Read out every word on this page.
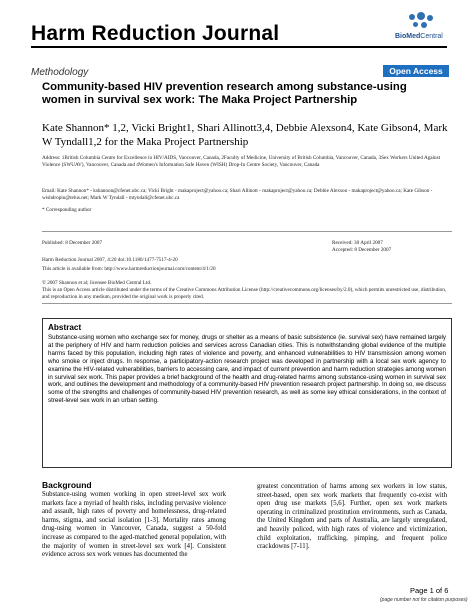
Harm Reduction Journal	BioMedCentral
Methodology	Open Access
Community-based HIV prevention research among substance-using women in survival sex work: The Maka Project Partnership
Kate Shannon* 1,2, Vicki Bright1, Shari Allinott3,4, Debbie Alexson4, Kate Gibson4, Mark W Tyndall1,2 for the Maka Project Partnership
Address: 1British Columbia Centre for Excellence in HIV/AIDS, Vancouver, Canada, 2Faculty of Medicine, University of British Columbia, Vancouver, Canada, 3Sex Workers United Against Violence (SWUAV), Vancouver, Canada and 4Women's Information Safe Haven (WISH) Drop-In Centre Society, Vancouver, Canada
Email: Kate Shannon* - kshannon@cfenet.ubc.ca; Vicki Bright - makaproject@yahoo.ca; Shari Allinott - makaproject@yahoo.ca; Debbie Alexson - makaproject@yahoo.ca; Kate Gibson - wishdropin@telus.net; Mark W Tyndall - mtyndall@cfenet.ubc.ca
* Corresponding author
Published: 8 December 2007	Received: 30 April 2007
Accepted: 8 December 2007
Harm Reduction Journal 2007, 4:20 doi:10.1186/1477-7517-4-20
This article is available from: http://www.harmreductionjournal.com/content/4/1/20
© 2007 Shannon et al; licensee BioMed Central Ltd.
This is an Open Access article distributed under the terms of the Creative Commons Attribution License (http://creativecommons.org/licenses/by/2.0), which permits unrestricted use, distribution, and reproduction in any medium, provided the original work is properly cited.
Abstract
Substance-using women who exchange sex for money, drugs or shelter as a means of basic subsistence (ie. survival sex) have remained largely at the periphery of HIV and harm reduction policies and services across Canadian cities. This is notwithstanding global evidence of the multiple harms faced by this population, including high rates of violence and poverty, and enhanced vulnerabilities to HIV transmission among women who smoke or inject drugs. In response, a participatory-action research project was developed in partnership with a local sex work agency to examine the HIV-related vulnerabilities, barriers to accessing care, and impact of current prevention and harm reduction strategies among women in survival sex work. This paper provides a brief background of the health and drug-related harms among substance-using women in survival sex work, and outlines the development and methodology of a community-based HIV prevention research project partnership. In doing so, we discuss some of the strengths and challenges of community-based HIV prevention research, as well as some key ethical considerations, in the context of street-level sex work in an urban setting.
Background
Substance-using women working in open street-level sex work markets face a myriad of health risks, including pervasive violence and assault, high rates of poverty and homelessness, drug-related harms, stigma, and social isolation [1-3]. Mortality rates among drug-using women in Vancouver, Canada, suggest a 50-fold increase as compared to the aged-matched general population, with the majority of women in street-level sex work [4]. Consistent evidence across sex work venues has documented the
greatest concentration of harms among sex workers in low status, street-based, open sex work markets that frequently co-exist with open drug use markets [5,6]. Further, open sex work markets operating in criminalized prostitution environments, such as Canada, the United Kingdom and parts of Australia, are largely unregulated, and heavily policed, with high rates of violence and victimization, child exploitation, trafficking, pimping, and frequent police crackdowns [7-11].
Page 1 of 6
(page number not for citation purposes)
